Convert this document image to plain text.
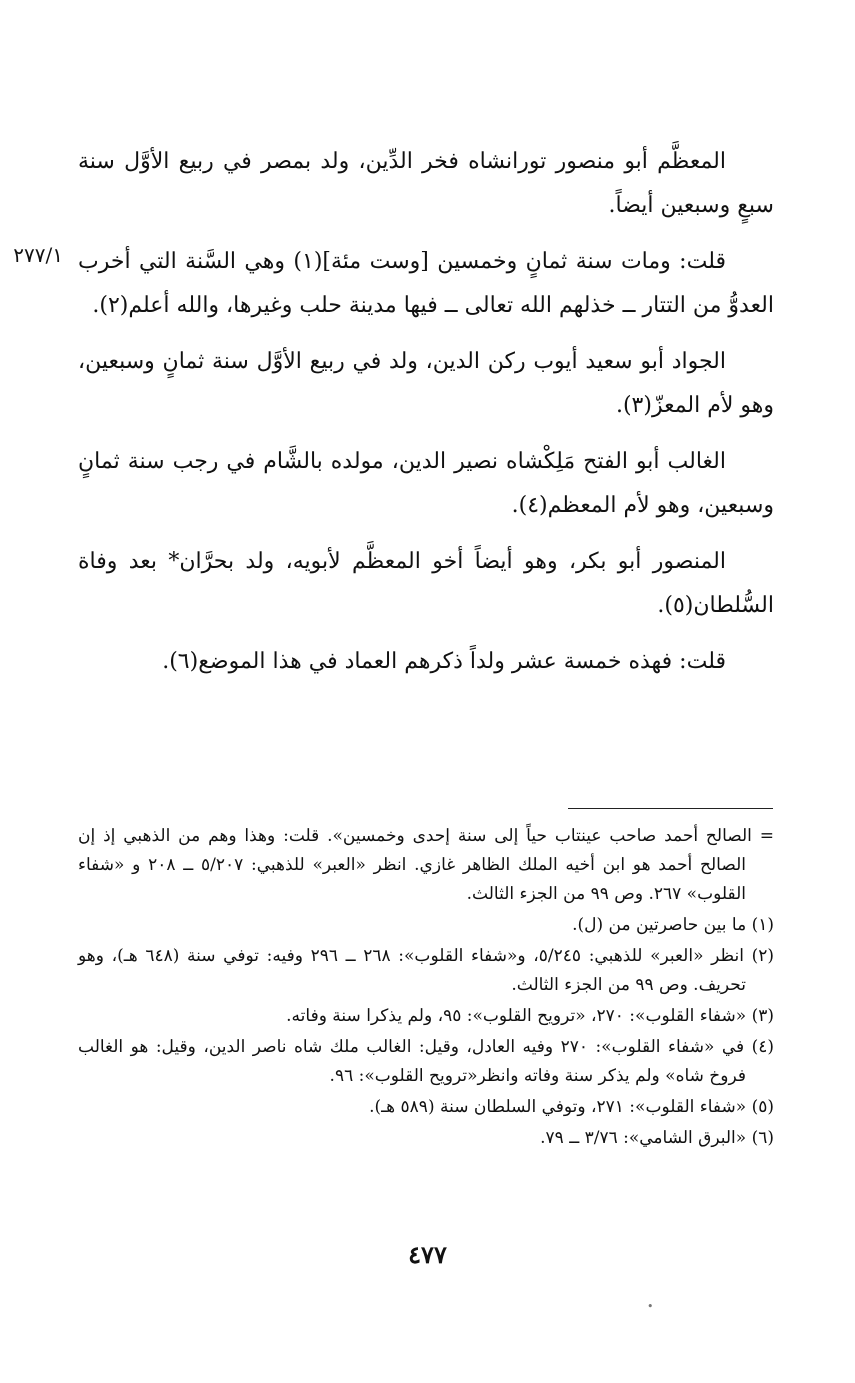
٢٧٧/١

المعظَّم أبو منصور تورانشاه فخر الدِّين، ولد بمصر في ربيع الأوَّل سنة سبعٍ وسبعين أيضاً.

قلت: ومات سنة ثمانٍ وخمسين [وست مئة](١) وهي السَّنة التي أخرب العدوُّ من التتار ــ خذلهم الله تعالى ــ فيها مدينة حلب وغيرها، والله أعلم(٢).

الجواد أبو سعيد أيوب ركن الدين، ولد في ربيع الأوَّل سنة ثمانٍ وسبعين، وهو لأم المعزّ(٣).

الغالب أبو الفتح مَلِكْشاه نصير الدين، مولده بالشَّام في رجب سنة ثمانٍ وسبعين، وهو لأم المعظم(٤).

المنصور أبو بكر، وهو أيضاً أخو المعظَّم لأبويه، ولد بحرَّان* بعد وفاة السُّلطان(٥).

قلت: فهذه خمسة عشر ولداً ذكرهم العماد في هذا الموضع(٦).

= الصالح أحمد صاحب عينتاب حياً إلى سنة إحدى وخمسين». قلت: وهذا وهم من الذهبي إذ إن الصالح أحمد هو ابن أخيه الملك الظاهر غازي. انظر «العبر» للذهبي: ٥/٢٠٧ ــ ٢٠٨ و «شفاء القلوب» ٢٦٧. وص ٩٩ من الجزء الثالث.

(١) ما بين حاصرتين من (ل).

(٢) انظر «العبر» للذهبي: ٥/٢٤٥، و«شفاء القلوب»: ٢٦٨ ــ ٢٩٦ وفيه: توفي سنة (٦٤٨ هـ)، وهو تحريف. وص ٩٩ من الجزء الثالث.

(٣) «شفاء القلوب»: ٢٧٠، «ترويح القلوب»: ٩٥، ولم يذكرا سنة وفاته.

(٤) في «شفاء القلوب»: ٢٧٠ وفيه العادل، وقيل: الغالب ملك شاه ناصر الدين، وقيل: هو الغالب فروخ شاه» ولم يذكر سنة وفاته وانظر«ترويح القلوب»: ٩٦.

(٥) «شفاء القلوب»: ٢٧١، وتوفي السلطان سنة (٥٨٩ هـ).

(٦) «البرق الشامي»: ٣/٧٦ ــ ٧٩.

٤٧٧
•
